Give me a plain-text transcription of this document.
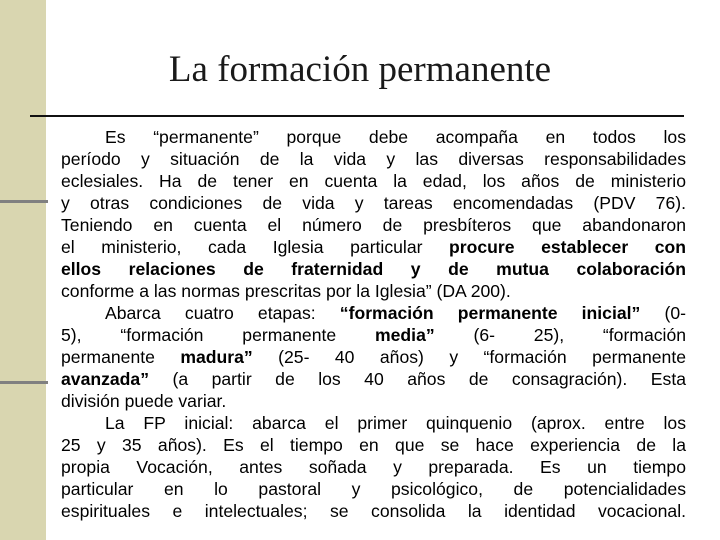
La formación permanente
Es “permanente” porque debe acompaña en todos los
período y situación de la vida y las diversas responsabilidades
eclesiales. Ha de tener en cuenta la edad, los años de ministerio
y otras condiciones de vida y tareas encomendadas (PDV 76).
Teniendo en cuenta el número de presbíteros que abandonaron
el ministerio, cada Iglesia particular procure establecer con
ellos relaciones de fraternidad y de mutua colaboración
conforme a las normas prescritas por la Iglesia” (DA 200).
Abarca cuatro etapas: “formación permanente inicial” (0-
5), “formación permanente media” (6- 25), “formación
permanente madura” (25- 40 años) y “formación permanente
avanzada” (a partir de los 40 años de consagración). Esta
división puede variar.
La FP inicial: abarca el primer quinquenio (aprox. entre los
25 y 35 años). Es el tiempo en que se hace experiencia de la
propia Vocación, antes soñada y preparada. Es un tiempo
particular en lo pastoral y psicológico, de potencialidades
espirituales e intelectuales; se consolida la identidad vocacional.
